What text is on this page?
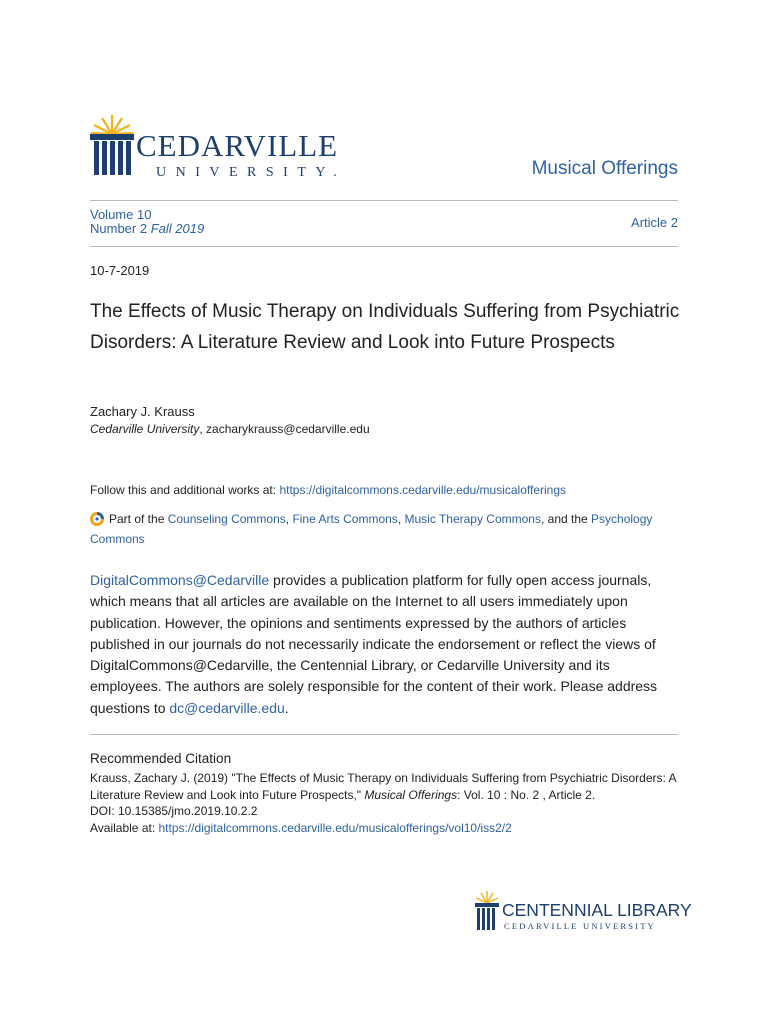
CEDARVILLE
UNIVERSITY.	Musical Offerings
Volume 10
Number 2 Fall 2019	Article 2
10-7-2019
The Effects of Music Therapy on Individuals Suffering from Psychiatric Disorders: A Literature Review and Look into Future Prospects
Zachary J. Krauss
Cedarville University, zacharykrauss@cedarville.edu
Follow this and additional works at: https://digitalcommons.cedarville.edu/musicalofferings
Part of the Counseling Commons, Fine Arts Commons, Music Therapy Commons, and the Psychology Commons
DigitalCommons@Cedarville provides a publication platform for fully open access journals, which means that all articles are available on the Internet to all users immediately upon publication. However, the opinions and sentiments expressed by the authors of articles published in our journals do not necessarily indicate the endorsement or reflect the views of DigitalCommons@Cedarville, the Centennial Library, or Cedarville University and its employees. The authors are solely responsible for the content of their work. Please address questions to dc@cedarville.edu.
Recommended Citation
Krauss, Zachary J. (2019) "The Effects of Music Therapy on Individuals Suffering from Psychiatric Disorders: A Literature Review and Look into Future Prospects," Musical Offerings: Vol. 10 : No. 2 , Article 2.
DOI: 10.15385/jmo.2019.10.2.2
Available at: https://digitalcommons.cedarville.edu/musicalofferings/vol10/iss2/2
CENTENNIAL LIBRARY
CEDARVILLE UNIVERSITY
